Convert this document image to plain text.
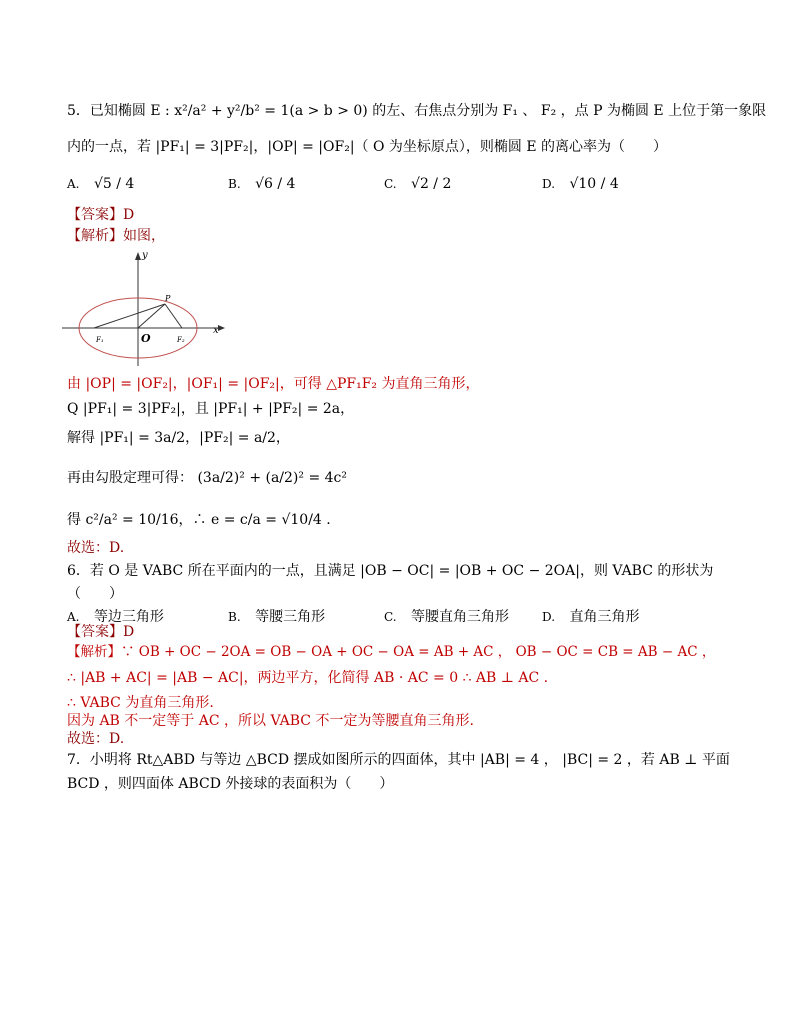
5．已知椭圆 E : x²/a² + y²/b² = 1(a > b > 0) 的左、右焦点分别为 F₁ 、 F₂ ，点 P 为椭圆 E 上位于第一象限
内的一点，若 |PF₁| = 3|PF₂|，|OP| = |OF₂|（ O 为坐标原点），则椭圆 E 的离心率为（　　）
A. √5 / 4	B. √6 / 4	C. √2 / 2	D. √10 / 4
【答案】D
【解析】如图，
y
x
O
P
F₁	F₂
由 |OP| = |OF₂|，|OF₁| = |OF₂|，可得 △PF₁F₂ 为直角三角形，
Q |PF₁| = 3|PF₂|，且 |PF₁| + |PF₂| = 2a，
解得 |PF₁| = 3a/2，|PF₂| = a/2，
再由勾股定理可得： (3a/2)² + (a/2)² = 4c²
得 c²/a² = 10/16，∴ e = c/a = √10/4 .
故选：D.
6．若 O 是 VABC 所在平面内的一点，且满足 |OB − OC| = |OB + OC − 2OA|，则 VABC 的形状为
（　　）
A. 等边三角形	B. 等腰三角形	C. 等腰直角三角形	D. 直角三角形
【答案】D
【解析】∵ OB + OC − 2OA = OB − OA + OC − OA = AB + AC ， OB − OC = CB = AB − AC ，
∴ |AB + AC| = |AB − AC|，两边平方，化简得 AB · AC = 0 ∴ AB ⊥ AC .
∴ VABC 为直角三角形.
因为 AB 不一定等于 AC ，所以 VABC 不一定为等腰直角三角形.
故选：D.
7．小明将 Rt△ABD 与等边 △BCD 摆成如图所示的四面体，其中 |AB| = 4 ， |BC| = 2 ，若 AB ⊥ 平面
BCD ，则四面体 ABCD 外接球的表面积为（　　）
